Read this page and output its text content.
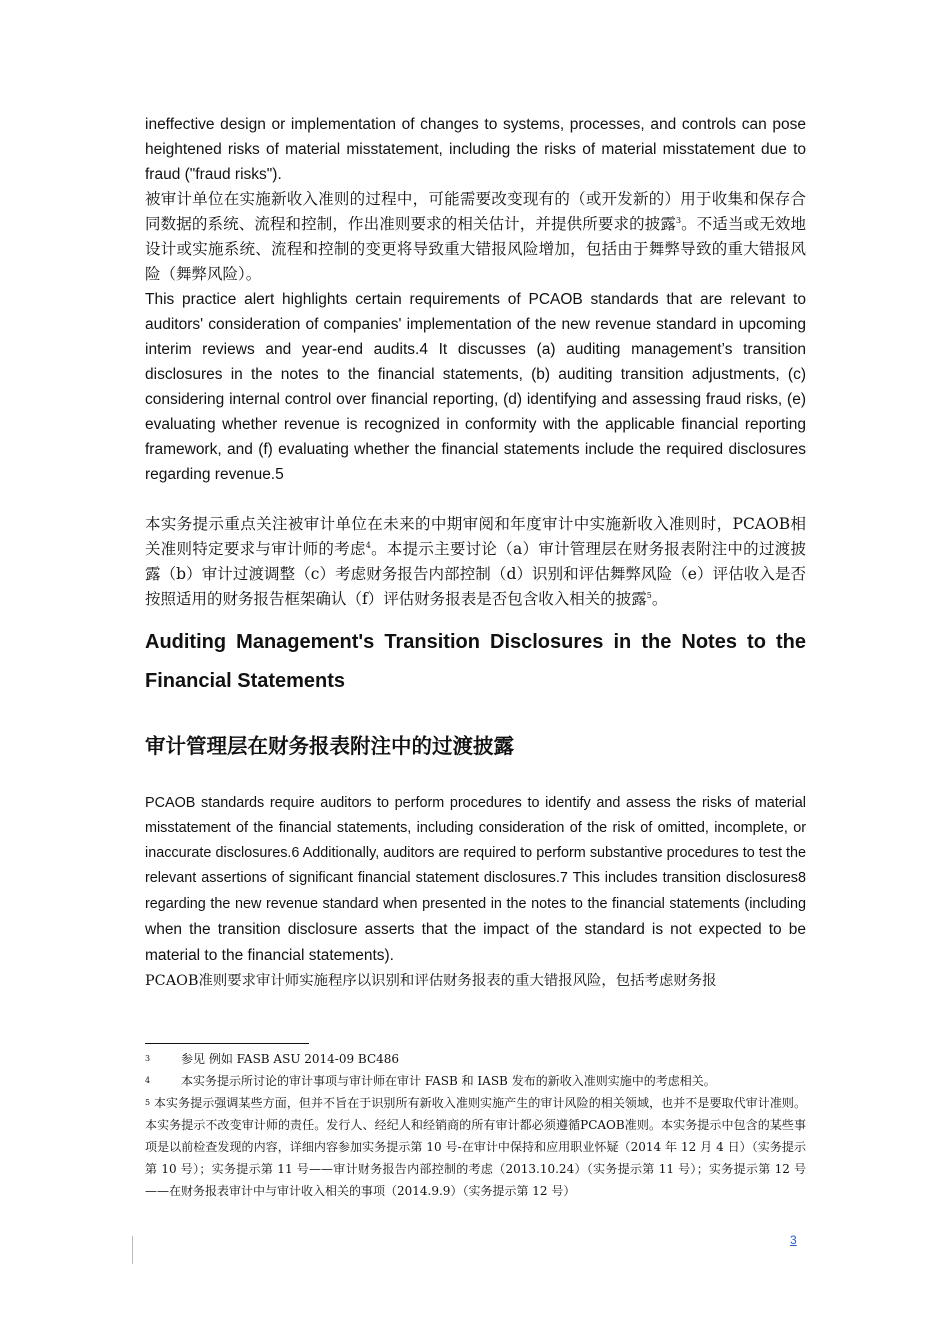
ineffective design or implementation of changes to systems, processes, and controls can pose heightened risks of material misstatement, including the risks of material misstatement due to fraud ("fraud risks").

被审计单位在实施新收入准则的过程中，可能需要改变现有的（或开发新的）用于收集和保存合同数据的系统、流程和控制，作出准则要求的相关估计，并提供所要求的披露$^3$。不适当或无效地设计或实施系统、流程和控制的变更将导致重大错报风险增加，包括由于舞弊导致的重大错报风险（舞弊风险）。

This practice alert highlights certain requirements of PCAOB standards that are relevant to auditors' consideration of companies' implementation of the new revenue standard in upcoming interim reviews and year-end audits.4 It discusses (a) auditing management’s transition disclosures in the notes to the financial statements, (b) auditing transition adjustments, (c) considering internal control over financial reporting, (d) identifying and assessing fraud risks, (e) evaluating whether revenue is recognized in conformity with the applicable financial reporting framework, and (f) evaluating whether the financial statements include the required disclosures regarding revenue.5

本实务提示重点关注被审计单位在未来的中期审阅和年度审计中实施新收入准则时，PCAOB相关准则特定要求与审计师的考虑$^4$。本提示主要讨论（a）审计管理层在财务报表附注中的过渡披露（b）审计过渡调整（c）考虑财务报告内部控制（d）识别和评估舞弊风险（e）评估收入是否按照适用的财务报告框架确认（f）评估财务报表是否包含收入相关的披露$^5$。

Auditing Management's Transition Disclosures in the Notes to the Financial Statements

审计管理层在财务报表附注中的过渡披露

PCAOB standards require auditors to perform procedures to identify and assess the risks of material misstatement of the financial statements, including consideration of the risk of omitted, incomplete, or inaccurate disclosures.6 Additionally, auditors are required to perform substantive procedures to test the relevant assertions of significant financial statement disclosures.7 This includes transition disclosures8 regarding the new revenue standard when presented in the notes to the financial statements (including when the transition disclosure asserts that the impact of the standard is not expected to be material to the financial statements).

PCAOB准则要求审计师实施程序以识别和评估财务报表的重大错报风险，包括考虑财务报

3	参见 例如 FASB ASU 2014-09 BC486
4	本实务提示所讨论的审计事项与审计师在审计 FASB 和 IASB 发布的新收入准则实施中的考虑相关。
$^5$ 本实务提示强调某些方面，但并不旨在于识别所有新收入准则实施产生的审计风险的相关领域，也并不是要取代审计准则。本实务提示不改变审计师的责任。发行人、经纪人和经销商的所有审计都必须遵循PCAOB准则。本实务提示中包含的某些事项是以前检查发现的内容，详细内容参加实务提示第 10 号-在审计中保持和应用职业怀疑（2014 年 12 月 4 日）（实务提示第 10 号）；实务提示第 11 号——审计财务报告内部控制的考虑（2013.10.24）（实务提示第 11 号）；实务提示第 12 号——在财务报表审计中与审计收入相关的事项（2014.9.9）（实务提示第 12 号）
3
